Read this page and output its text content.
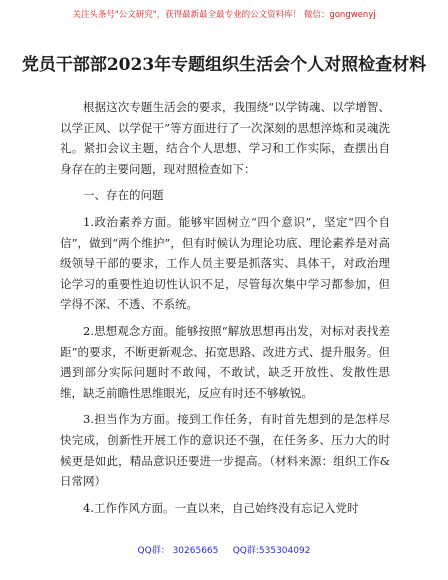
关注头条号"公文研究"，获得最新最全最专业的公文资料库！ 微信：gongwenyj
党员干部部2023年专题组织生活会个人对照检查材料

根据这次专题生活会的要求，我围绕“以学铸魂、以学增智、以学正风、以学促干”等方面进行了一次深刻的思想淬炼和灵魂洗礼。紧扣会议主题，结合个人思想、学习和工作实际，查摆出自身存在的主要问题，现对照检查如下：

一、存在的问题

1.政治素养方面。能够牢固树立“四个意识”，坚定“四个自信”，做到“两个维护”，但有时候认为理论功底、理论素养是对高级领导干部的要求，工作人员主要是抓落实、具体干，对政治理论学习的重要性迫切性认识不足，尽管每次集中学习都参加，但学得不深、不透、不系统。

2.思想观念方面。能够按照“解放思想再出发，对标对表找差距”的要求，不断更新观念、拓宽思路、改进方式、提升服务。但遇到部分实际问题时不敢闯，不敢试，缺乏开放性、发散性思维，缺乏前瞻性思维眼光，反应有时还不够敏锐。

3.担当作为方面。接到工作任务，有时首先想到的是怎样尽快完成，创新性开展工作的意识还不强，在任务多、压力大的时候更是如此，精品意识还要进一步提高。（材料来源：组织工作&日常网）

4.工作作风方面。一直以来，自己始终没有忘记入党时

QQ群： 30265665     QQ群:535304092
